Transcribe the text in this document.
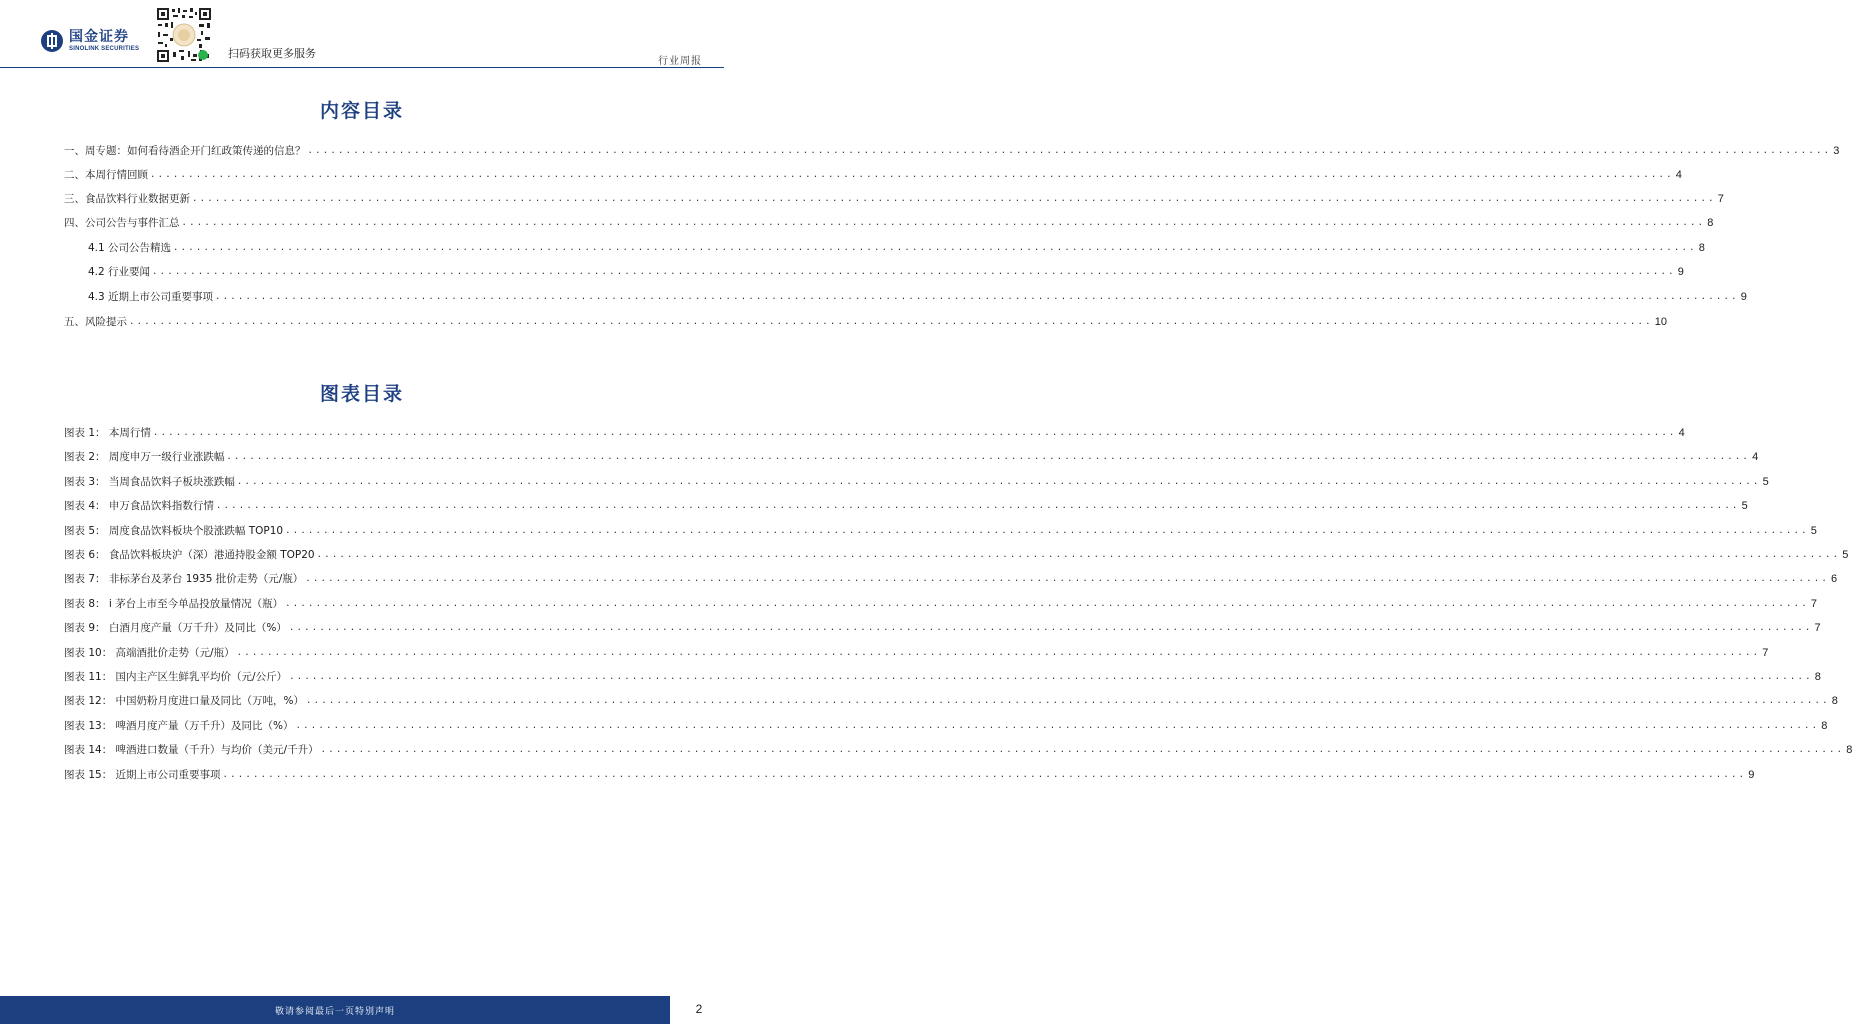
国金证券
SINOLINK SECURITIES	扫码获取更多服务
行业周报
内容目录
一、周专题：如何看待酒企开门红政策传递的信息？ ........................................................................................................................................................................................................ 3
二、本周行情回顾 ........................................................................................................................................................................................................ 4
三、食品饮料行业数据更新 ........................................................................................................................................................................................................ 7
四、公司公告与事件汇总 ........................................................................................................................................................................................................ 8
4.1 公司公告精选 ........................................................................................................................................................................................................ 8
4.2 行业要闻 ........................................................................................................................................................................................................ 9
4.3 近期上市公司重要事项 ........................................................................................................................................................................................................ 9
五、风险提示 ........................................................................................................................................................................................................ 10
图表目录
图表 1： 本周行情 ........................................................................................................................................................................................................ 4
图表 2： 周度申万一级行业涨跌幅 ........................................................................................................................................................................................................ 4
图表 3： 当周食品饮料子板块涨跌幅 ........................................................................................................................................................................................................ 5
图表 4： 申万食品饮料指数行情 ........................................................................................................................................................................................................ 5
图表 5： 周度食品饮料板块个股涨跌幅 TOP10 ........................................................................................................................................................................................................ 5
图表 6： 食品饮料板块沪（深）港通持股金额 TOP20 ........................................................................................................................................................................................................ 5
图表 7： 非标茅台及茅台 1935 批价走势（元/瓶） ........................................................................................................................................................................................................ 6
图表 8： i 茅台上市至今单品投放量情况（瓶） ........................................................................................................................................................................................................ 7
图表 9： 白酒月度产量（万千升）及同比（%） ........................................................................................................................................................................................................ 7
图表 10： 高端酒批价走势（元/瓶） ........................................................................................................................................................................................................ 7
图表 11： 国内主产区生鲜乳平均价（元/公斤） ........................................................................................................................................................................................................ 8
图表 12： 中国奶粉月度进口量及同比（万吨，%） ........................................................................................................................................................................................................ 8
图表 13： 啤酒月度产量（万千升）及同比（%） ........................................................................................................................................................................................................ 8
图表 14： 啤酒进口数量（千升）与均价（美元/千升） ........................................................................................................................................................................................................ 8
图表 15： 近期上市公司重要事项 ........................................................................................................................................................................................................ 9
敬请参阅最后一页特别声明	2
